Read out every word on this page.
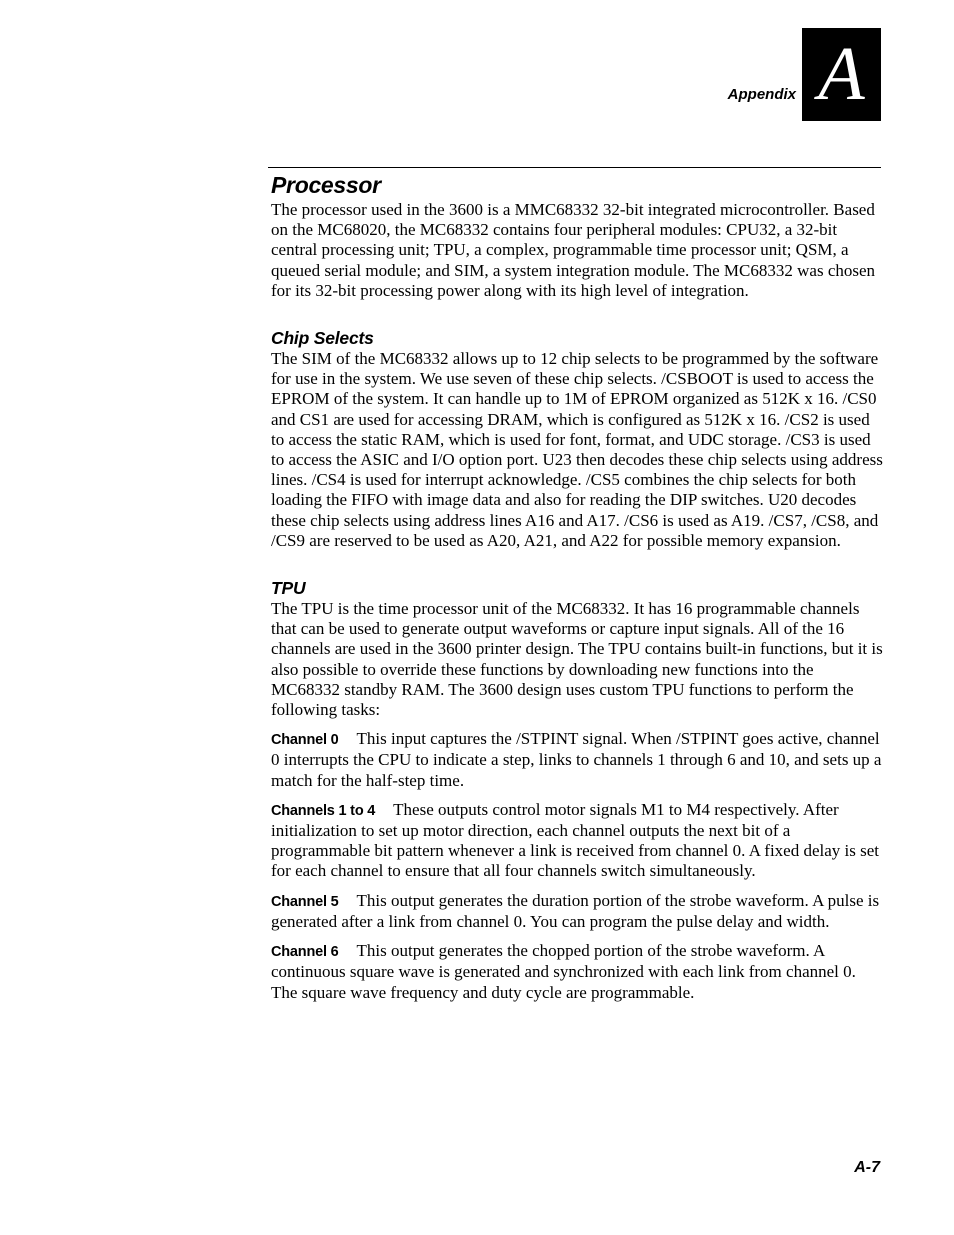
Appendix A
Processor

The processor used in the 3600 is a MMC68332 32-bit integrated microcontroller. Based on the MC68020, the MC68332 contains four peripheral modules: CPU32, a 32-bit central processing unit; TPU, a complex, programmable time processor unit; QSM, a queued serial module; and SIM, a system integration module. The MC68332 was chosen for its 32-bit processing power along with its high level of integration.

Chip Selects

The SIM of the MC68332 allows up to 12 chip selects to be programmed by the software for use in the system. We use seven of these chip selects. /CSBOOT is used to access the EPROM of the system. It can handle up to 1M of EPROM organized as 512K x 16. /CS0 and CS1 are used for accessing DRAM, which is configured as 512K x 16. /CS2 is used to access the static RAM, which is used for font, format, and UDC storage. /CS3 is used to access the ASIC and I/O option port. U23 then decodes these chip selects using address lines. /CS4 is used for interrupt acknowledge. /CS5 combines the chip selects for both loading the FIFO with image data and also for reading the DIP switches. U20 decodes these chip selects using address lines A16 and A17. /CS6 is used as A19. /CS7, /CS8, and /CS9 are reserved to be used as A20, A21, and A22 for possible memory expansion.

TPU

The TPU is the time processor unit of the MC68332. It has 16 programmable channels that can be used to generate output waveforms or capture input signals. All of the 16 channels are used in the 3600 printer design. The TPU contains built-in functions, but it is also possible to override these functions by downloading new functions into the MC68332 standby RAM. The 3600 design uses custom TPU functions to perform the following tasks:

Channel 0 This input captures the /STPINT signal. When /STPINT goes active, channel 0 interrupts the CPU to indicate a step, links to channels 1 through 6 and 10, and sets up a match for the half-step time.

Channels 1 to 4 These outputs control motor signals M1 to M4 respectively. After initialization to set up motor direction, each channel outputs the next bit of a programmable bit pattern whenever a link is received from channel 0. A fixed delay is set for each channel to ensure that all four channels switch simultaneously.

Channel 5 This output generates the duration portion of the strobe waveform. A pulse is generated after a link from channel 0. You can program the pulse delay and width.

Channel 6 This output generates the chopped portion of the strobe waveform. A continuous square wave is generated and synchronized with each link from channel 0. The square wave frequency and duty cycle are programmable.

A-7
